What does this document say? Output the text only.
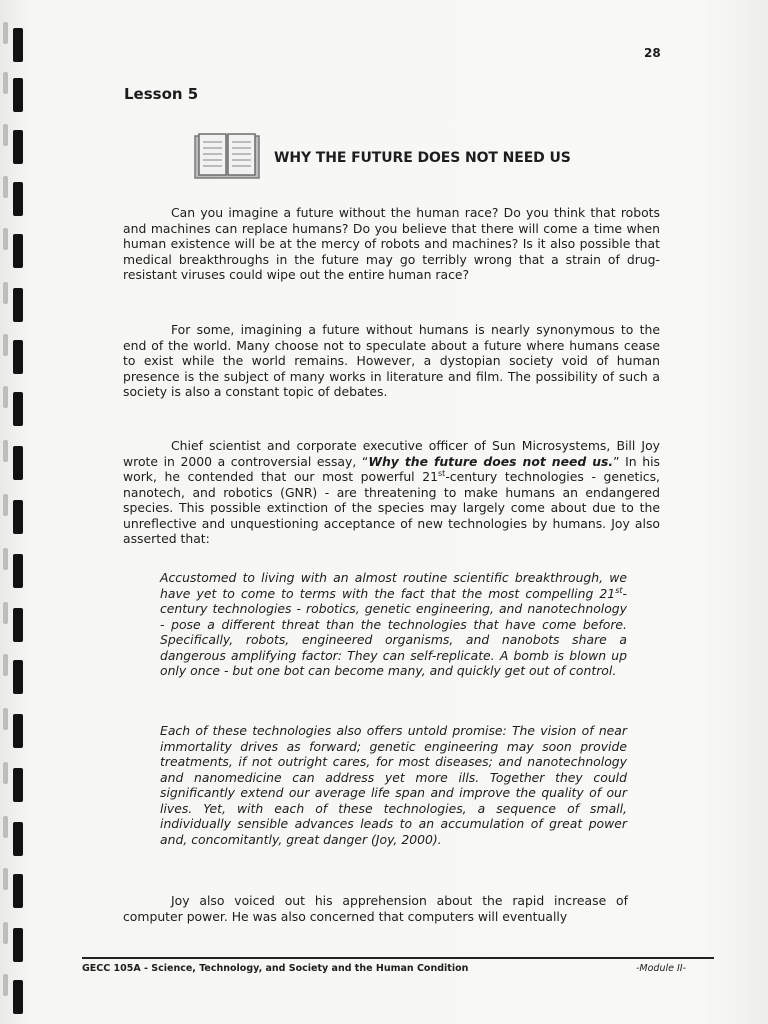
28
Lesson 5
WHY THE FUTURE DOES NOT NEED US

Can you imagine a future without the human race? Do you think that robots and machines can replace humans? Do you believe that there will come a time when human existence will be at the mercy of robots and machines? Is it also possible that medical breakthroughs in the future may go terribly wrong that a strain of drug-resistant viruses could wipe out the entire human race?

For some, imagining a future without humans is nearly synonymous to the end of the world. Many choose not to speculate about a future where humans cease to exist while the world remains. However, a dystopian society void of human presence is the subject of many works in literature and film. The possibility of such a society is also a constant topic of debates.

Chief scientist and corporate executive officer of Sun Microsystems, Bill Joy wrote in 2000 a controversial essay, “Why the future does not need us.” In his work, he contended that our most powerful 21st-century technologies - genetics, nanotech, and robotics (GNR) - are threatening to make humans an endangered species. This possible extinction of the species may largely come about due to the unreflective and unquestioning acceptance of new technologies by humans. Joy also asserted that:

Accustomed to living with an almost routine scientific breakthrough, we have yet to come to terms with the fact that the most compelling 21st-century technologies - robotics, genetic engineering, and nanotechnology - pose a different threat than the technologies that have come before. Specifically, robots, engineered organisms, and nanobots share a dangerous amplifying factor: They can self-replicate. A bomb is blown up only once - but one bot can become many, and quickly get out of control.
Each of these technologies also offers untold promise: The vision of near immortality drives as forward; genetic engineering may soon provide treatments, if not outright cares, for most diseases; and nanotechnology and nanomedicine can address yet more ills. Together they could significantly extend our average life span and improve the quality of our lives. Yet, with each of these technologies, a sequence of small, individually sensible advances leads to an accumulation of great power and, concomitantly, great danger (Joy, 2000).

Joy also voiced out his apprehension about the rapid increase of computer power. He was also concerned that computers will eventually

GECC 105A - Science, Technology, and Society and the Human Condition	-Module II-
